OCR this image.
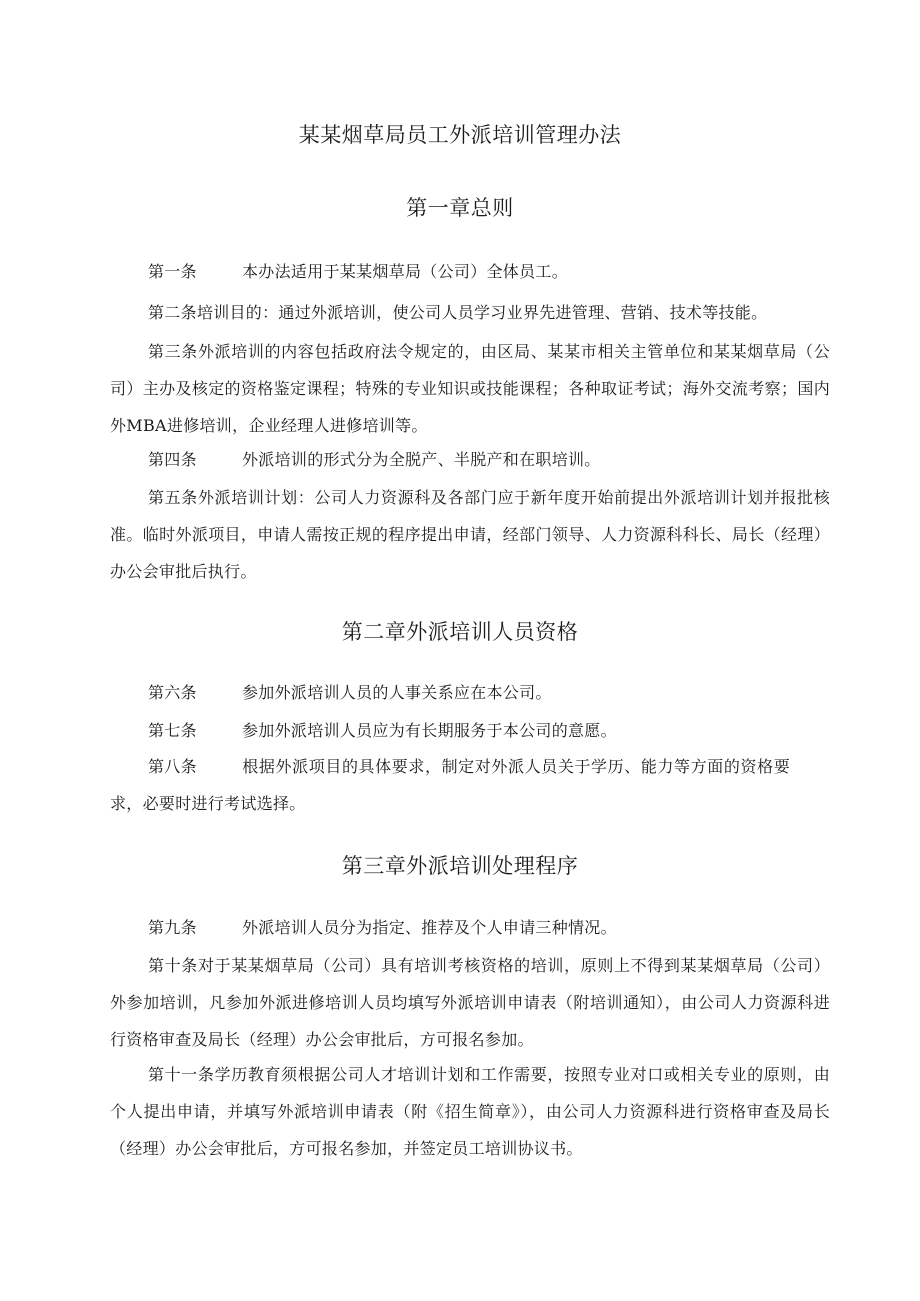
某某烟草局员工外派培训管理办法
第一章总则
第一条	本办法适用于某某烟草局（公司）全体员工。
第二条培训目的：通过外派培训，使公司人员学习业界先进管理、营销、技术等技能。
第三条外派培训的内容包括政府法令规定的，由区局、某某市相关主管单位和某某烟草局（公司）主办及核定的资格鉴定课程；特殊的专业知识或技能课程；各种取证考试；海外交流考察；国内外MBA进修培训，企业经理人进修培训等。
第四条	外派培训的形式分为全脱产、半脱产和在职培训。
第五条外派培训计划：公司人力资源科及各部门应于新年度开始前提出外派培训计划并报批核准。临时外派项目，申请人需按正规的程序提出申请，经部门领导、人力资源科科长、局长（经理）办公会审批后执行。
第二章外派培训人员资格
第六条	参加外派培训人员的人事关系应在本公司。
第七条	参加外派培训人员应为有长期服务于本公司的意愿。
第八条	根据外派项目的具体要求，制定对外派人员关于学历、能力等方面的资格要求，必要时进行考试选择。
第三章外派培训处理程序
第九条	外派培训人员分为指定、推荐及个人申请三种情况。
第十条对于某某烟草局（公司）具有培训考核资格的培训，原则上不得到某某烟草局（公司）外参加培训，凡参加外派进修培训人员均填写外派培训申请表（附培训通知），由公司人力资源科进行资格审查及局长（经理）办公会审批后，方可报名参加。
第十一条学历教育须根据公司人才培训计划和工作需要，按照专业对口或相关专业的原则，由个人提出申请，并填写外派培训申请表（附《招生简章》），由公司人力资源科进行资格审查及局长（经理）办公会审批后，方可报名参加，并签定员工培训协议书。
